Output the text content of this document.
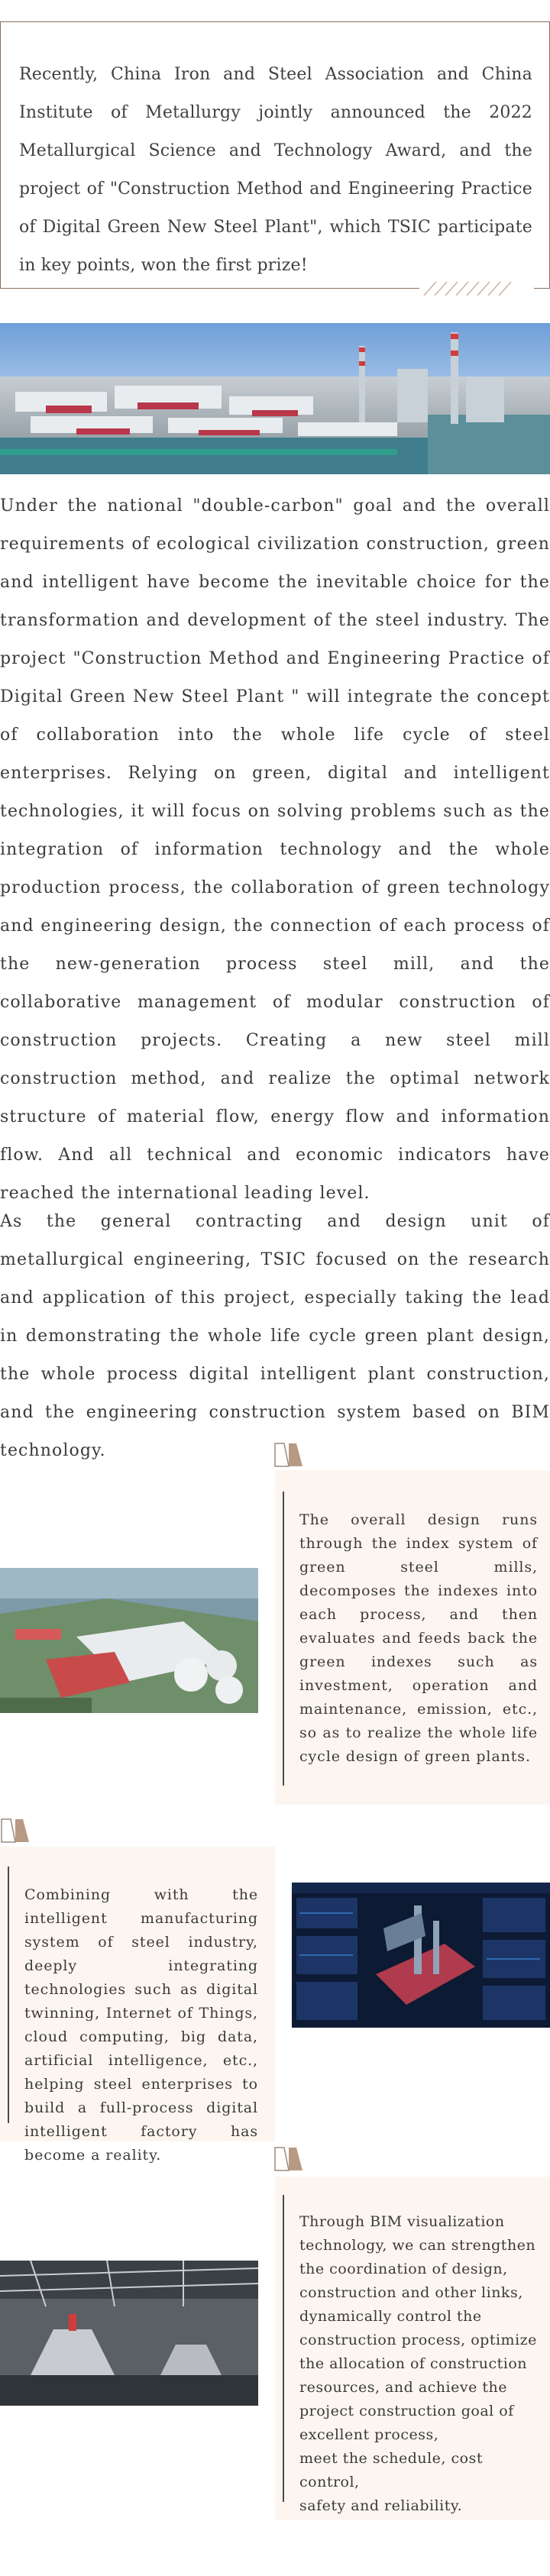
Recently, China Iron and Steel Association and China Institute of Metallurgy jointly announced the 2022 Metallurgical Science and Technology Award, and the project of "Construction Method and Engineering Practice of Digital Green New Steel Plant", which TSIC participate in key points, won the first prize!

Under the national "double-carbon" goal and the overall requirements of ecological civilization construction, green and intelligent have become the inevitable choice for the transformation and development of the steel industry. The project "Construction Method and Engineering Practice of Digital Green New Steel Plant " will integrate the concept of collaboration into the whole life cycle of steel enterprises. Relying on green, digital and intelligent technologies, it will focus on solving problems such as the integration of information technology and the whole production process, the collaboration of green technology and engineering design, the connection of each process of the new-generation process steel mill, and the collaborative management of modular construction of construction projects. Creating a new steel mill construction method, and realize the optimal network structure of material flow, energy flow and information flow. And all technical and economic indicators have reached the international leading level.

As the general contracting and design unit of metallurgical engineering, TSIC focused on the research and application of this project, especially taking the lead in demonstrating the whole life cycle green plant design, the whole process digital intelligent plant construction, and the engineering construction system based on BIM technology.

The overall design runs through the index system of green steel mills, decomposes the indexes into each process, and then evaluates and feeds back the green indexes such as investment, operation and maintenance, emission, etc., so as to realize the whole life cycle design of green plants.

Combining with the intelligent manufacturing system of steel industry, deeply integrating technologies such as digital twinning, Internet of Things, cloud computing, big data, artificial intelligence, etc., helping steel enterprises to build a full-process digital intelligent factory has become a reality.

Through BIM visualization
technology, we can strengthen
the coordination of design,
construction and other links,
dynamically control the
construction process, optimize
the allocation of construction
resources, and achieve the
project construction goal of
excellent process,
meet the schedule, cost control,
safety and reliability.
